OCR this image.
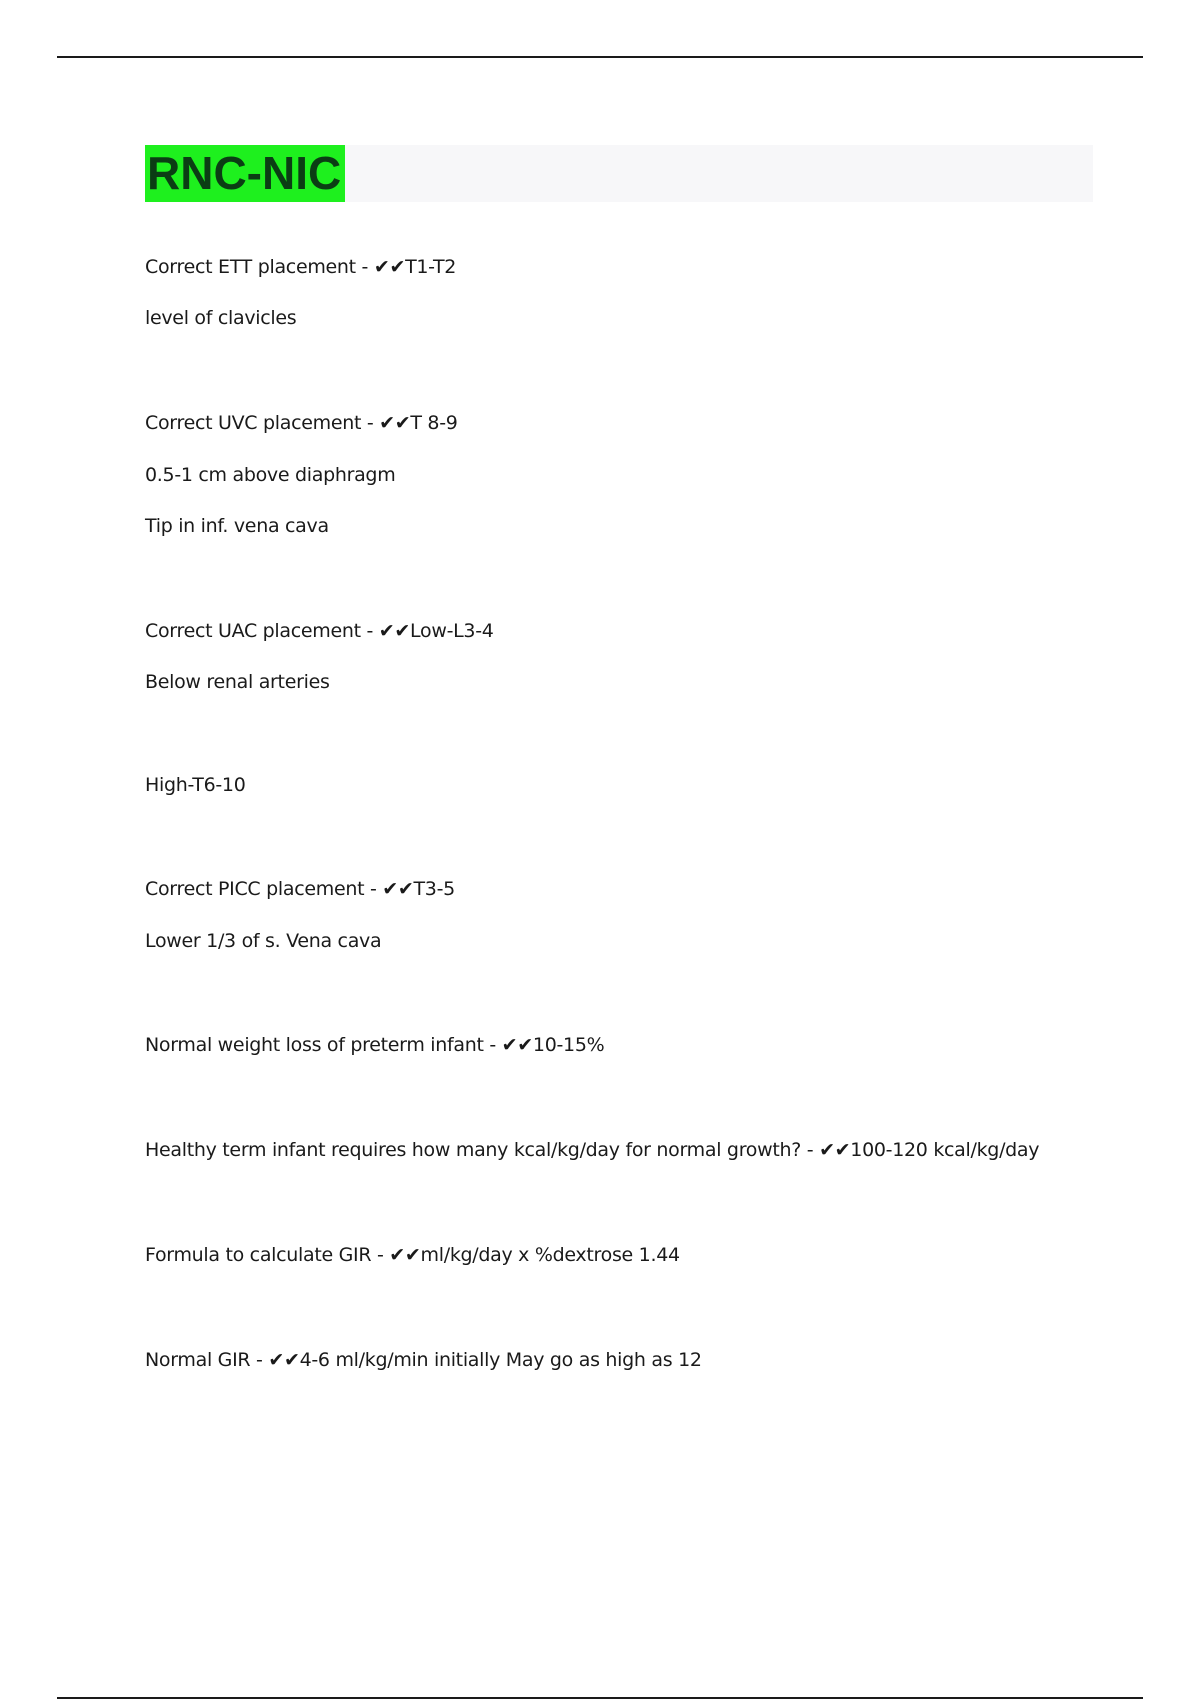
RNC-NIC
Correct ETT placement - ✔✔T1-T2
level of clavicles
Correct UVC placement - ✔✔T 8-9
0.5-1 cm above diaphragm
Tip in inf. vena cava
Correct UAC placement - ✔✔Low-L3-4
Below renal arteries
High-T6-10
Correct PICC placement - ✔✔T3-5
Lower 1/3 of s. Vena cava
Normal weight loss of preterm infant - ✔✔10-15%
Healthy term infant requires how many kcal/kg/day for normal growth? - ✔✔100-120 kcal/kg/day
Formula to calculate GIR - ✔✔ml/kg/day x %dextrose 1.44
Normal GIR - ✔✔4-6 ml/kg/min initially May go as high as 12
